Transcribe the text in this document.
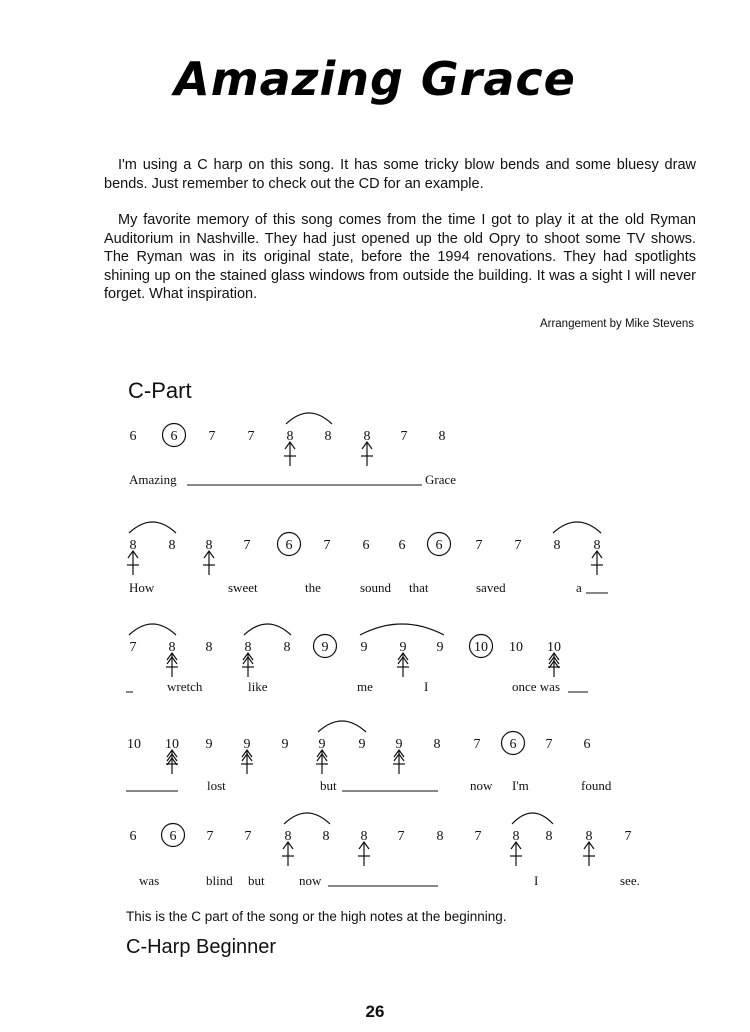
Amazing Grace

I'm using a C harp on this song. It has some tricky blow bends and some bluesy draw bends. Just remember to check out the CD for an example.

My favorite memory of this song comes from the time I got to play it at the old Ryman Auditorium in Nashville. They had just opened up the old Opry to shoot some TV shows. The Ryman was in its original state, before the 1994 renovations. They had spotlights shining up on the stained glass windows from outside the building. It was a sight I will never forget. What inspiration.

Arrangement by Mike Stevens
C-Part
6 6 7 7 8 8 8 7 8
Amazing	Grace
8 8 8 7	6 7 6 6 6 7 7 8 8
How	sweet	the	sound that	saved	a
7 8 8 8 8 9 9 9 9 10 10 10
wretch	like	me	I	once was
10 10 9 9 9 9 9 9 8 7 6 7 6
lost	but	now I'm	found
6 6 7 7 8 8 8 7 8 7 8 8 8 7
was	blind but	now	I	see.
This is the C part of the song or the high notes at the beginning.
C-Harp Beginner
26
